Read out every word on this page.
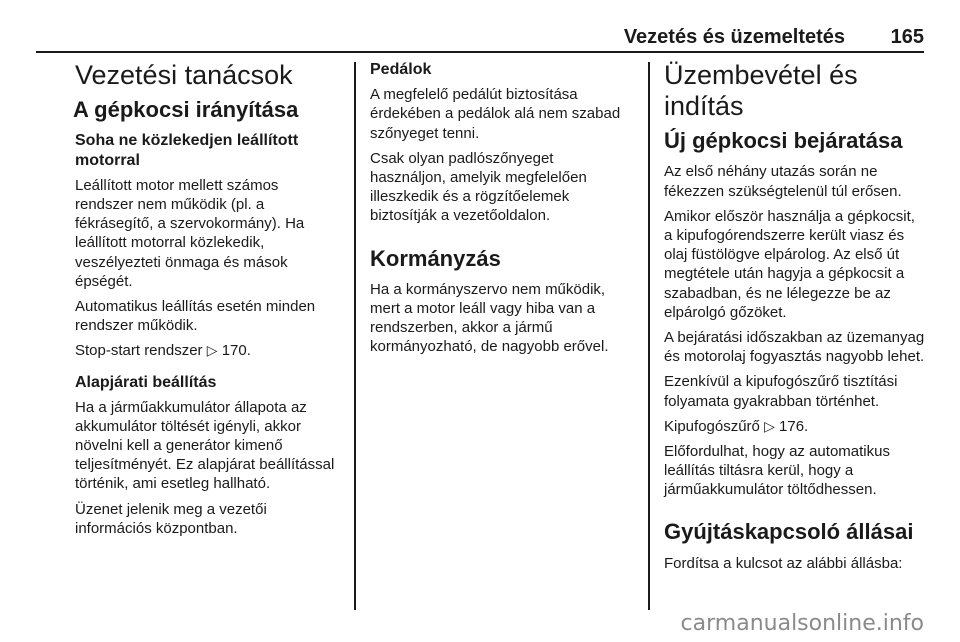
Vezetés és üzemeltetés 165
Vezetési tanácsok
A gépkocsi irányítása
Soha ne közlekedjen leállított motorral

Leállított motor mellett számos rendszer nem működik (pl. a fékrásegítő, a szervokormány). Ha leállított motorral közlekedik, veszélyezteti önmaga és mások épségét.

Automatikus leállítás esetén minden rendszer működik.

Stop-start rendszer ▷ 170.

Alapjárati beállítás

Ha a járműakkumulátor állapota az akkumulátor töltését igényli, akkor növelni kell a generátor kimenő teljesítményét. Ez alapjárat beállítással történik, ami esetleg hallható.

Üzenet jelenik meg a vezetői információs központban.

Pedálok

A megfelelő pedálút biztosítása érdekében a pedálok alá nem szabad szőnyeget tenni.

Csak olyan padlószőnyeget használjon, amelyik megfelelően illeszkedik és a rögzítőelemek biztosítják a vezetőoldalon.

Kormányzás

Ha a kormányszervo nem működik, mert a motor leáll vagy hiba van a rendszerben, akkor a jármű kormányozható, de nagyobb erővel.

Üzembevétel és indítás
Új gépkocsi bejáratása

Az első néhány utazás során ne fékezzen szükségtelenül túl erősen.

Amikor először használja a gépkocsit, a kipufogórendszerre került viasz és olaj füstölögve elpárolog. Az első út megtétele után hagyja a gépkocsit a szabadban, és ne lélegezze be az elpárolgó gőzöket.

A bejáratási időszakban az üzemanyag és motorolaj fogyasztás nagyobb lehet.

Ezenkívül a kipufogószűrő tisztítási folyamata gyakrabban történhet.

Kipufogószűrő ▷ 176.

Előfordulhat, hogy az automatikus leállítás tiltásra kerül, hogy a járműakkumulátor töltődhessen.

Gyújtáskapcsoló állásai

Fordítsa a kulcsot az alábbi állásba:

carmanualsonline.info
